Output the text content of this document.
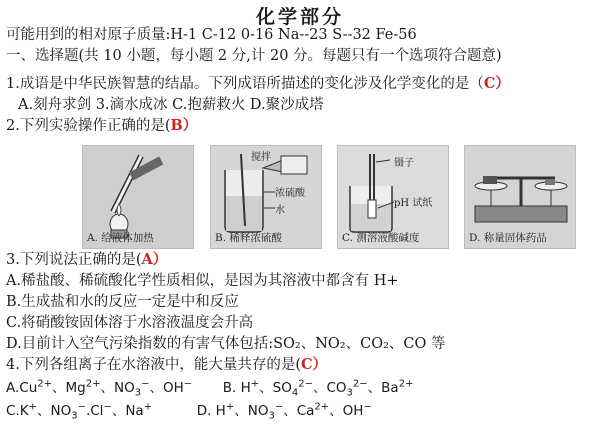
化学部分
可能用到的相对原子质量:H-1 C-12 0-16 Na--23 S--32 Fe-56
一、选择题(共 10 小题，每小题 2 分,计 20 分。每题只有一个选项符合题意)
1.成语是中华民族智慧的结晶。下列成语所描述的变化涉及化学变化的是（C）
A.刻舟求剑 3.滴水成冰 C.抱薪救火 D.聚沙成塔
2.下列实验操作正确的是(B）
A. 给液体加热
搅拌
浓硫酸
水
B. 稀释浓硫酸
镊子
pH 试纸
C. 测溶液酸碱度	D. 称量固体药品
3.下列说法正确的是(A）
A.稀盐酸、稀硫酸化学性质相似，是因为其溶液中都含有 H+
B.生成盐和水的反应一定是中和反应
C.将硝酸铵固体溶于水溶液温度会升高
D.目前计入空气污染指数的有害气体包括:SO₂、NO₂、CO₂、CO 等
4.下列各组离子在水溶液中，能大量共存的是(C）
$A.Cu^{2+}$、$Mg^{2+}$、$NO_3^-$、OH− B. H+、$SO_4^{2-}$、$CO_3^{2-}$、$Ba^{2+}$
C.K+、$NO_3^-.Cl^-$、Na+	D. H+、$NO_3^-$、$Ca^{2+}$、OH−
